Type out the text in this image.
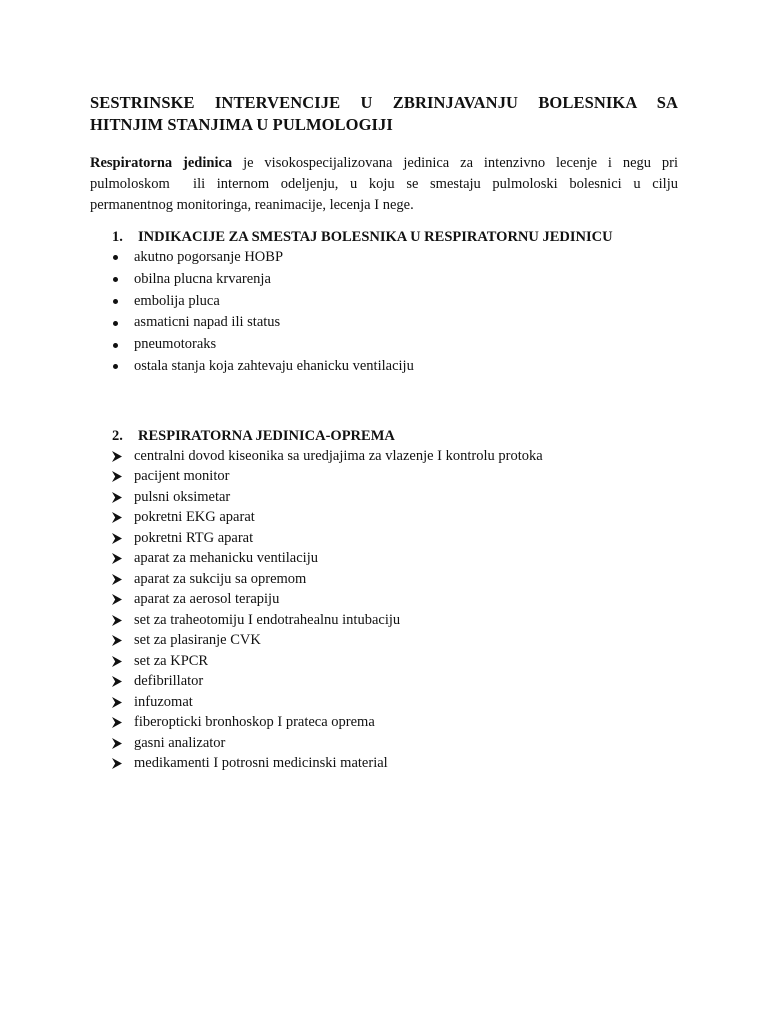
SESTRINSKE INTERVENCIJE U ZBRINJAVANJU BOLESNIKA SA
HITNJIM STANJIMA U PULMOLOGIJI
Respiratorna jedinica je visokospecijalizovana jedinica za intenzivno lecenje i negu pri
pulmoloskom  ili internom odeljenju, u koju se smestaju pulmoloski bolesnici u cilju
permanentnog monitoringa, reanimacije, lecenja I nege.
1.	INDIKACIJE ZA SMESTAJ BOLESNIKA U RESPIRATORNU JEDINICU
akutno pogorsanje HOBP
obilna plucna krvarenja
embolija pluca
asmaticni napad ili status
pneumotoraks
ostala stanja koja zahtevaju ehanicku ventilaciju
2.	RESPIRATORNA JEDINICA-OPREMA
centralni dovod kiseonika sa uredjajima za vlazenje I kontrolu protoka
pacijent monitor
pulsni oksimetar
pokretni EKG aparat
pokretni RTG aparat
aparat za mehanicku ventilaciju
aparat za sukciju sa opremom
aparat za aerosol terapiju
set za traheotomiju I endotrahealnu intubaciju
set za plasiranje CVK
set za KPCR
defibrillator
infuzomat
fiberopticki bronhoskop I prateca oprema
gasni analizator
medikamenti I potrosni medicinski material
